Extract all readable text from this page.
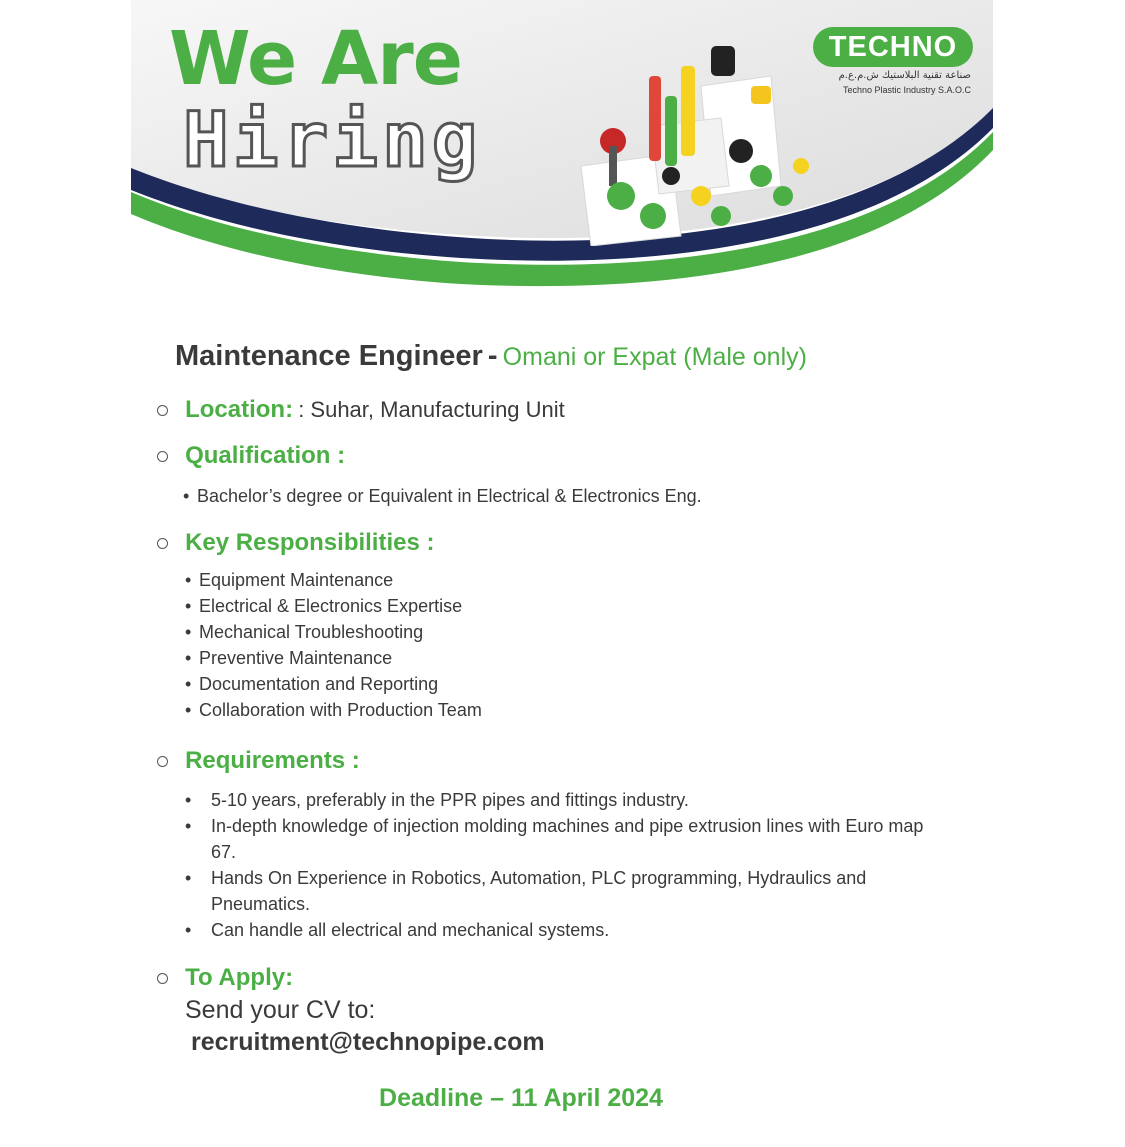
We Are
Hiring
TECHNO
صناعة تقنية البلاستيك ش.م.ع.م
Techno Plastic Industry S.A.O.C
Maintenance Engineer - Omani or Expat (Male only)
Location: : Suhar, Manufacturing Unit
Qualification :
• Bachelor’s degree or Equivalent in Electrical & Electronics Eng.
Key Responsibilities :
• Equipment Maintenance
• Electrical & Electronics Expertise
• Mechanical Troubleshooting
• Preventive Maintenance
• Documentation and Reporting
• Collaboration with Production Team
Requirements :
•	5-10 years, preferably in the PPR pipes and fittings industry.
•	In-depth knowledge of injection molding machines and pipe extrusion lines with Euro map 67.
•	Hands On Experience in Robotics, Automation, PLC programming, Hydraulics and Pneumatics.
•	Can handle all electrical and mechanical systems.
To Apply:
Send your CV to:
recruitment@technopipe.com
Deadline – 11 April 2024
